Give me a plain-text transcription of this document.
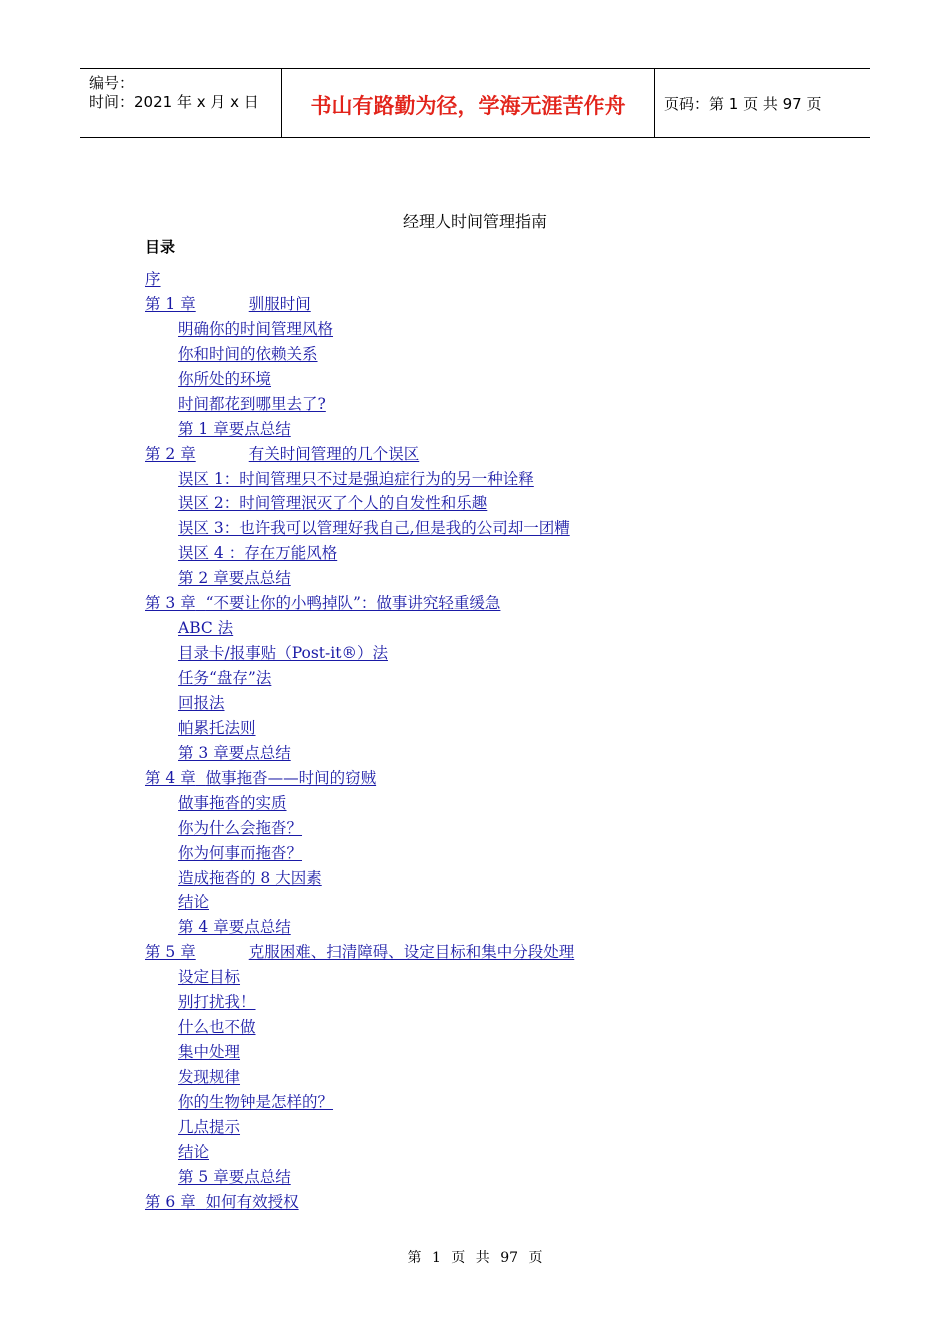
编号：
时间：2021 年 x 月 x 日	书山有路勤为径，学海无涯苦作舟	页码：第 1 页 共 97 页
经理人时间管理指南
目录
序
第 1 章	驯服时间
明确你的时间管理风格
你和时间的依赖关系
你所处的环境
时间都花到哪里去了?
第 1 章要点总结
第 2 章	有关时间管理的几个误区
误区 1：时间管理只不过是强迫症行为的另一种诠释
误区 2：时间管理泯灭了个人的自发性和乐趣
误区 3：也许我可以管理好我自己,但是我的公司却一团糟
误区 4 ：存在万能风格
第 2 章要点总结
第 3 章 “不要让你的小鸭掉队”：做事讲究轻重缓急
ABC 法
目录卡/报事贴（Post-it®）法
任务“盘存”法
回报法
帕累托法则
第 3 章要点总结
第 4 章 做事拖沓——时间的窃贼
做事拖沓的实质
你为什么会拖沓？
你为何事而拖沓？
造成拖沓的 8 大因素
结论
第 4 章要点总结
第 5 章	克服困难、扫清障碍、设定目标和集中分段处理
设定目标
别打扰我！
什么也不做
集中处理
发现规律
你的生物钟是怎样的？
几点提示
结论
第 5 章要点总结
第 6 章 如何有效授权
第 1 页 共 97 页
